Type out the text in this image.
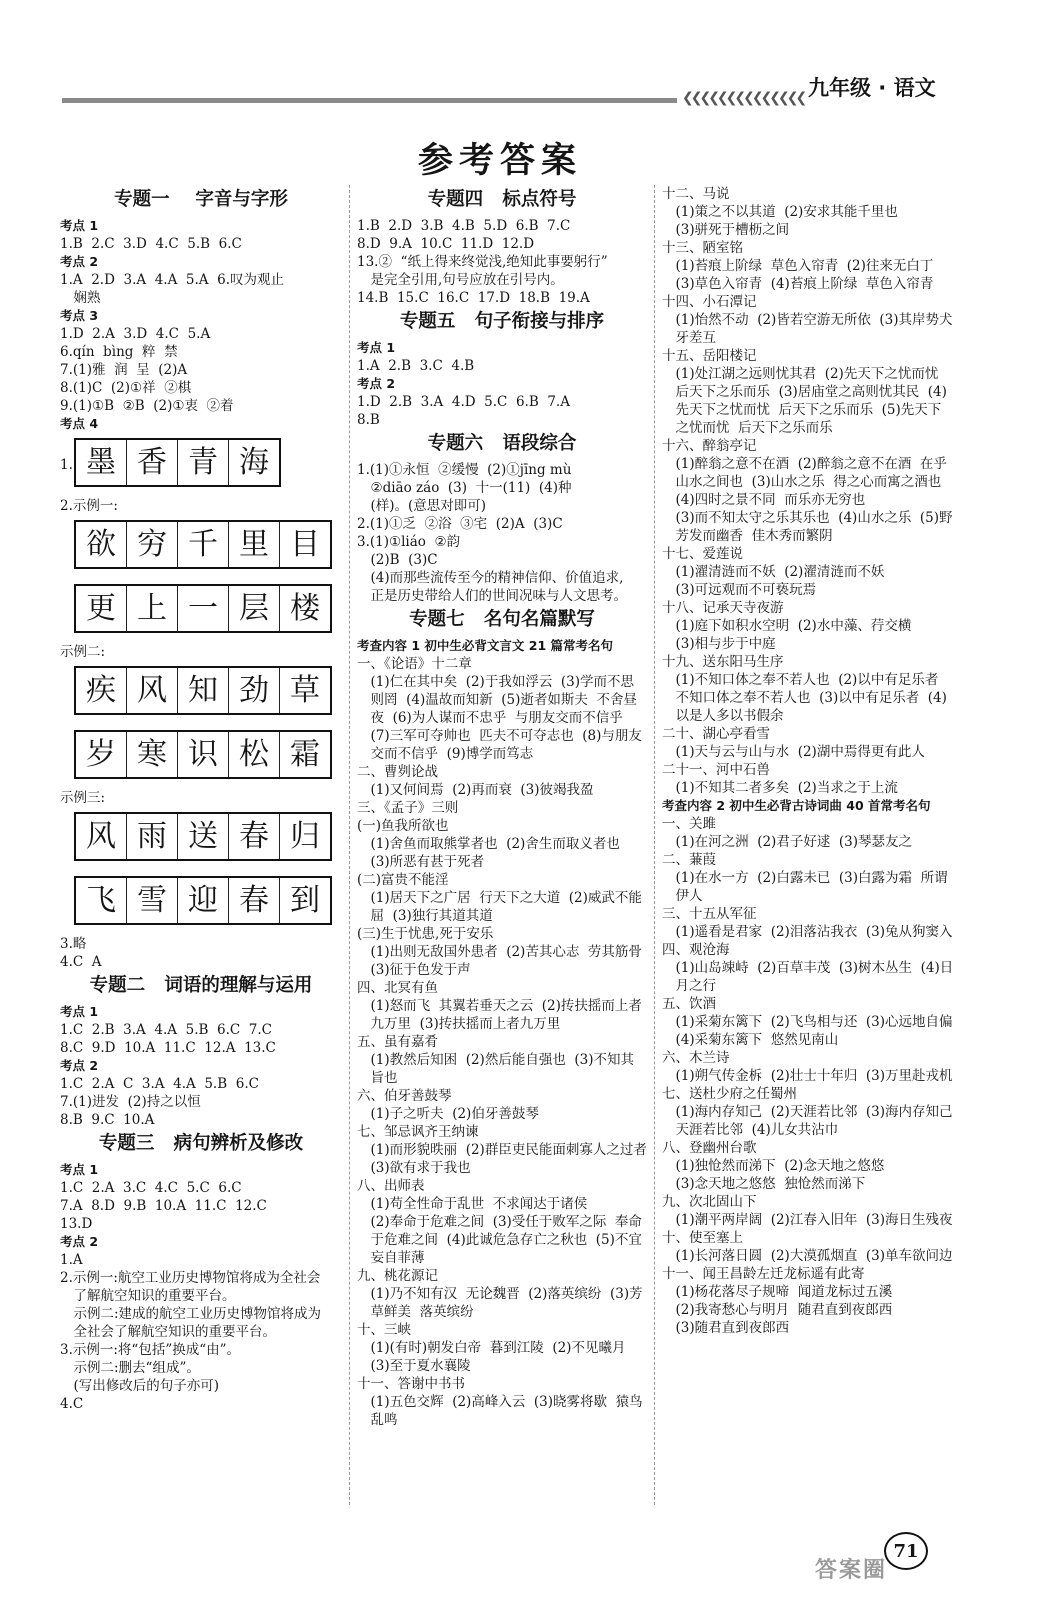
❮❮❮❮❮❮❮❮❮❮❮❮❮❮ 九年级 · 语文
参考答案
专题一    字音与字形
考点 1
1.B  2.C  3.D  4.C  5.B  6.C
考点 2
1.A  2.D  3.A  4.A  5.A  6.叹为观止
娴熟
考点 3
1.D  2.A  3.D  4.C  5.A
6.qín  bìng  粹  禁
7.(1)雅  润  呈  (2)A
8.(1)C  (2)①祥  ②棋
9.(1)①B  ②B  (2)①衷  ②着
考点 4
1. 墨 香 青 海
2.示例一:
欲 穷 千 里 目
更 上 一 层 楼
示例二:
疾 风 知 劲 草
岁 寒 识 松 霜
示例三:
风 雨 送 春 归
飞 雪 迎 春 到
3.略
4.C  A
专题二   词语的理解与运用
考点 1
1.C  2.B  3.A  4.A  5.B  6.C  7.C
8.C  9.D  10.A  11.C  12.A  13.C
考点 2
1.C  2.A  C  3.A  4.A  5.B  6.C
7.(1)进发  (2)持之以恒
8.B  9.C  10.A
专题三   病句辨析及修改
考点 1
1.C  2.A  3.C  4.C  5.C  6.C
7.A  8.D  9.B  10.A  11.C  12.C
13.D
考点 2
1.A
2.示例一:航空工业历史博物馆将成为全社会
了解航空知识的重要平台。
示例二:建成的航空工业历史博物馆将成为
全社会了解航空知识的重要平台。
3.示例一:将“包括”换成“由”。
示例二:删去“组成”。
(写出修改后的句子亦可)
4.C
专题四   标点符号
1.B  2.D  3.B  4.B  5.D  6.B  7.C
8.D  9.A  10.C  11.D  12.D
13.②  “纸上得来终觉浅,绝知此事要躬行”
是完全引用,句号应放在引号内。
14.B  15.C  16.C  17.D  18.B  19.A
专题五   句子衔接与排序
考点 1
1.A  2.B  3.C  4.B
考点 2
1.D  2.B  3.A  4.D  5.C  6.B  7.A
8.B
专题六   语段综合
1.(1)①永恒  ②缓慢  (2)①jīng mù
②diāo záo  (3)  十一(11)  (4)种
(样)。(意思对即可)
2.(1)①乏  ②浴  ③宅  (2)A  (3)C
3.(1)①liáo  ②韵
(2)B  (3)C
(4)而那些流传至今的精神信仰、价值追求,
正是历史带给人们的世间况味与人文思考。
专题七   名句名篇默写
考查内容 1 初中生必背文言文 21 篇常考名句
一、《论语》十二章
(1)仁在其中矣  (2)于我如浮云  (3)学而不思则罔  (4)温故而知新  (5)逝者如斯夫  不舍昼夜  (6)为人谋而不忠乎  与朋友交而不信乎  (7)三军可夺帅也  匹夫不可夺志也  (8)与朋友交而不信乎  (9)博学而笃志
二、曹刿论战
(1)又何间焉  (2)再而衰  (3)彼竭我盈
三、《孟子》三则
(一)鱼我所欲也
(1)舍鱼而取熊掌者也  (2)舍生而取义者也  (3)所恶有甚于死者
(二)富贵不能淫
(1)居天下之广居  行天下之大道  (2)威武不能屈  (3)独行其道其道
(三)生于忧患,死于安乐
(1)出则无敌国外患者  (2)苦其心志  劳其筋骨  (3)征于色发于声
四、北冥有鱼
(1)怒而飞  其翼若垂天之云  (2)抟扶摇而上者九万里  (3)抟扶摇而上者九万里
五、虽有嘉肴
(1)教然后知困  (2)然后能自强也  (3)不知其旨也
六、伯牙善鼓琴
(1)子之听夫  (2)伯牙善鼓琴
七、邹忌讽齐王纳谏
(1)而形貌昳丽  (2)群臣吏民能面刺寡人之过者  (3)欲有求于我也
八、出师表
(1)苟全性命于乱世  不求闻达于诸侯
(2)奉命于危难之间  (3)受任于败军之际  奉命于危难之间  (4)此诚危急存亡之秋也  (5)不宜妄自菲薄
九、桃花源记
(1)乃不知有汉  无论魏晋  (2)落英缤纷  (3)芳草鲜美  落英缤纷
十、三峡
(1)(有时)朝发白帝  暮到江陵  (2)不见曦月  (3)至于夏水襄陵
十一、答谢中书书
(1)五色交辉  (2)高峰入云  (3)晓雾将歇  猿鸟乱鸣
十二、马说
(1)策之不以其道  (2)安求其能千里也
(3)骈死于槽枥之间
十三、陋室铭
(1)苔痕上阶绿  草色入帘青  (2)往来无白丁  (3)草色入帘青  (4)苔痕上阶绿  草色入帘青
十四、小石潭记
(1)怡然不动  (2)皆若空游无所依  (3)其岸势犬牙差互
十五、岳阳楼记
(1)处江湖之远则忧其君  (2)先天下之忧而忧  后天下之乐而乐  (3)居庙堂之高则忧其民  (4)先天下之忧而忧  后天下之乐而乐  (5)先天下之忧而忧  后天下之乐而乐
十六、醉翁亭记
(1)醉翁之意不在酒  (2)醉翁之意不在酒  在乎山水之间也  (3)山水之乐  得之心而寓之酒也  (4)四时之景不同  而乐亦无穷也
(3)而不知太守之乐其乐也  (4)山水之乐  (5)野芳发而幽香  佳木秀而繁阴
十七、爱莲说
(1)濯清涟而不妖  (2)濯清涟而不妖
(3)可远观而不可亵玩焉
十八、记承天寺夜游
(1)庭下如积水空明  (2)水中藻、荇交横
(3)相与步于中庭
十九、送东阳马生序
(1)不知口体之奉不若人也  (2)以中有足乐者  不知口体之奉不若人也  (3)以中有足乐者  (4)以是人多以书假余
二十、湖心亭看雪
(1)天与云与山与水  (2)湖中焉得更有此人
二十一、河中石兽
(1)不知其二者多矣  (2)当求之于上流
考查内容 2 初中生必背古诗词曲 40 首常考名句
一、关雎
(1)在河之洲  (2)君子好逑  (3)琴瑟友之
二、蒹葭
(1)在水一方  (2)白露未已  (3)白露为霜  所谓伊人
三、十五从军征
(1)遥看是君家  (2)泪落沾我衣  (3)兔从狗窦入
四、观沧海
(1)山岛竦峙  (2)百草丰茂  (3)树木丛生  (4)日月之行
五、饮酒
(1)采菊东篱下  (2)飞鸟相与还  (3)心远地自偏  (4)采菊东篱下  悠然见南山
六、木兰诗
(1)朔气传金柝  (2)壮士十年归  (3)万里赴戎机
七、送杜少府之任蜀州
(1)海内存知己  (2)天涯若比邻  (3)海内存知己  天涯若比邻  (4)儿女共沾巾
八、登幽州台歌
(1)独怆然而涕下  (2)念天地之悠悠
(3)念天地之悠悠  独怆然而涕下
九、次北固山下
(1)潮平两岸阔  (2)江春入旧年  (3)海日生残夜
十、使至塞上
(1)长河落日圆  (2)大漠孤烟直  (3)单车欲问边
十一、闻王昌龄左迁龙标遥有此寄
(1)杨花落尽子规啼  闻道龙标过五溪
(2)我寄愁心与明月  随君直到夜郎西
(3)随君直到夜郎西
71
答案圈
